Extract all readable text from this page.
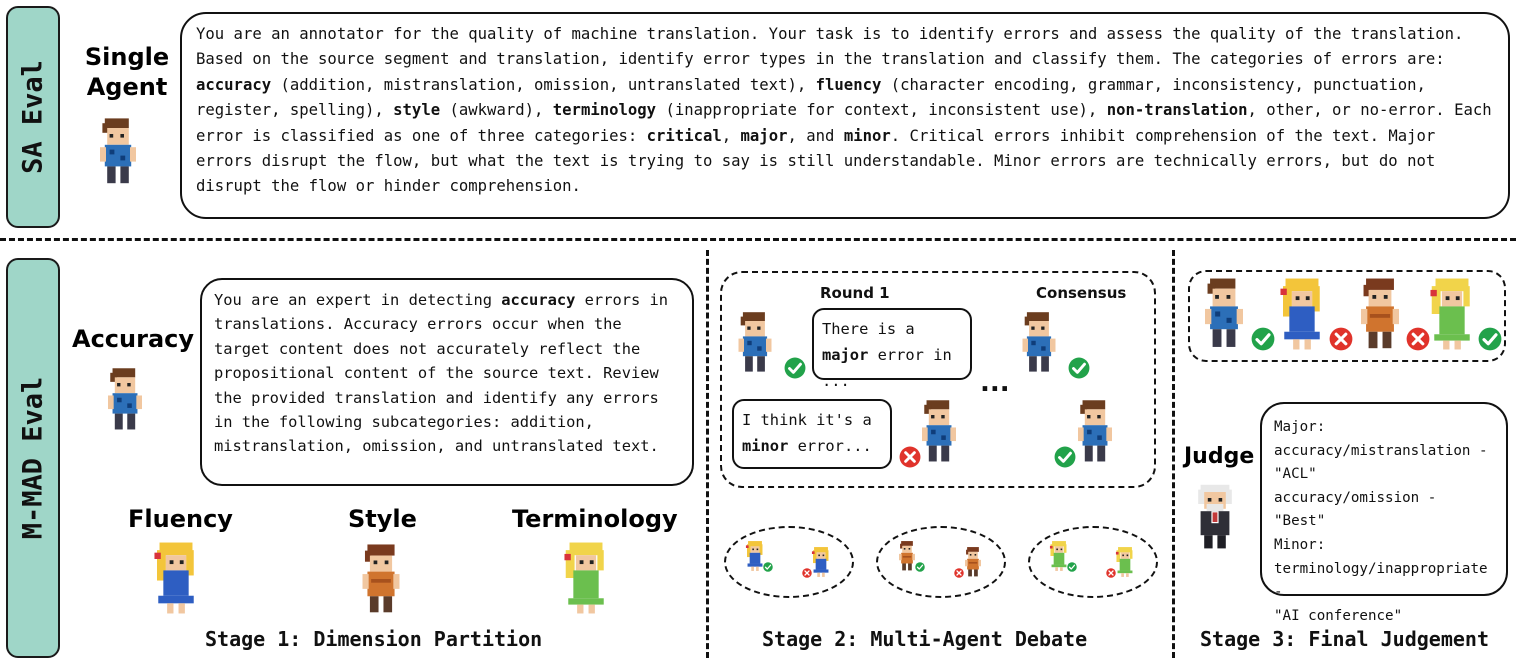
SA Eval
Single
Agent
You are an annotator for the quality of machine translation. Your task is to identify errors and assess the quality of the translation. Based on the source segment and translation, identify error types in the translation and classify them. The categories of errors are: accuracy (addition, mistranslation, omission, untranslated text), fluency (character encoding, grammar, inconsistency, punctuation, register, spelling), style (awkward), terminology (inappropriate for context, inconsistent use), non-translation, other, or no-error. Each error is classified as one of three categories: critical, major, and minor. Critical errors inhibit comprehension of the text. Major errors disrupt the flow, but what the text is trying to say is still understandable. Minor errors are technically errors, but do not disrupt the flow or hinder comprehension.
M-MAD Eval
Accuracy
You are an expert in detecting accuracy errors in translations. Accuracy errors occur when the target content does not accurately reflect the propositional content of the source text. Review the provided translation and identify any errors in the following subcategories: addition, mistranslation, omission, and untranslated text.
Fluency	Style	Terminology
Stage 1: Dimension Partition
Round 1	Consensus
There is a major error in ...
I think it's a minor error...
...
Stage 2: Multi-Agent Debate
Judge
Major:
accuracy/mistranslation -
"ACL"
accuracy/omission - "Best"
Minor:
terminology/inappropriate -
"AI conference"
Stage 3: Final Judgement
